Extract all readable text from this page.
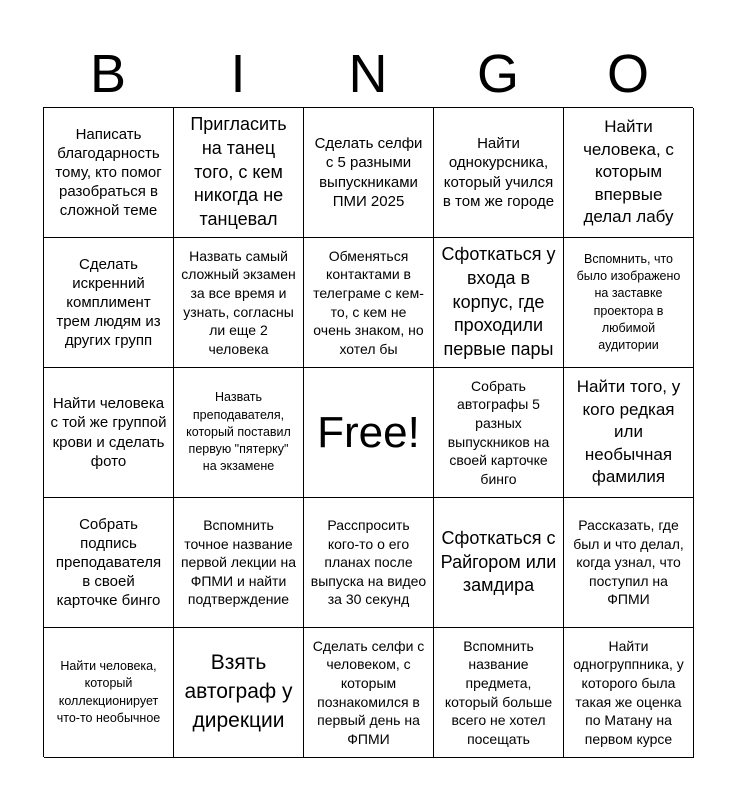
B	I	N	G	O
Написать благодарность тому, кто помог разобраться в сложной теме
Пригласить на танец того, с кем никогда не танцевал
Сделать селфи с 5 разными выпускниками ПМИ 2025
Найти однокурсника, который учился в том же городе
Найти человека, с которым впервые делал лабу
Сделать искренний комплимент трем людям из других групп
Назвать самый сложный экзамен за все время и узнать, согласны ли еще 2 человека
Обменяться контактами в телеграме с кем-то, с кем не очень знаком, но хотел бы
Сфоткаться у входа в корпус, где проходили первые пары
Вспомнить, что было изображено на заставке проектора в любимой аудитории
Найти человека с той же группой крови и сделать фото
Назвать преподавателя, который поставил первую "пятерку" на экзамене
Free!
Собрать автографы 5 разных выпускников на своей карточке бинго
Найти того, у кого редкая или необычная фамилия
Собрать подпись преподавателя в своей карточке бинго
Вспомнить точное название первой лекции на ФПМИ и найти подтверждение
Расспросить кого-то о его планах после выпуска на видео за 30 секунд
Сфоткаться с Райгором или замдира
Рассказать, где был и что делал, когда узнал, что поступил на ФПМИ
Найти человека, который коллекционирует что-то необычное
Взять автограф у дирекции
Сделать селфи с человеком, с которым познакомился в первый день на ФПМИ
Вспомнить название предмета, который больше всего не хотел посещать
Найти одногруппника, у которого была такая же оценка по Матану на первом курсе
